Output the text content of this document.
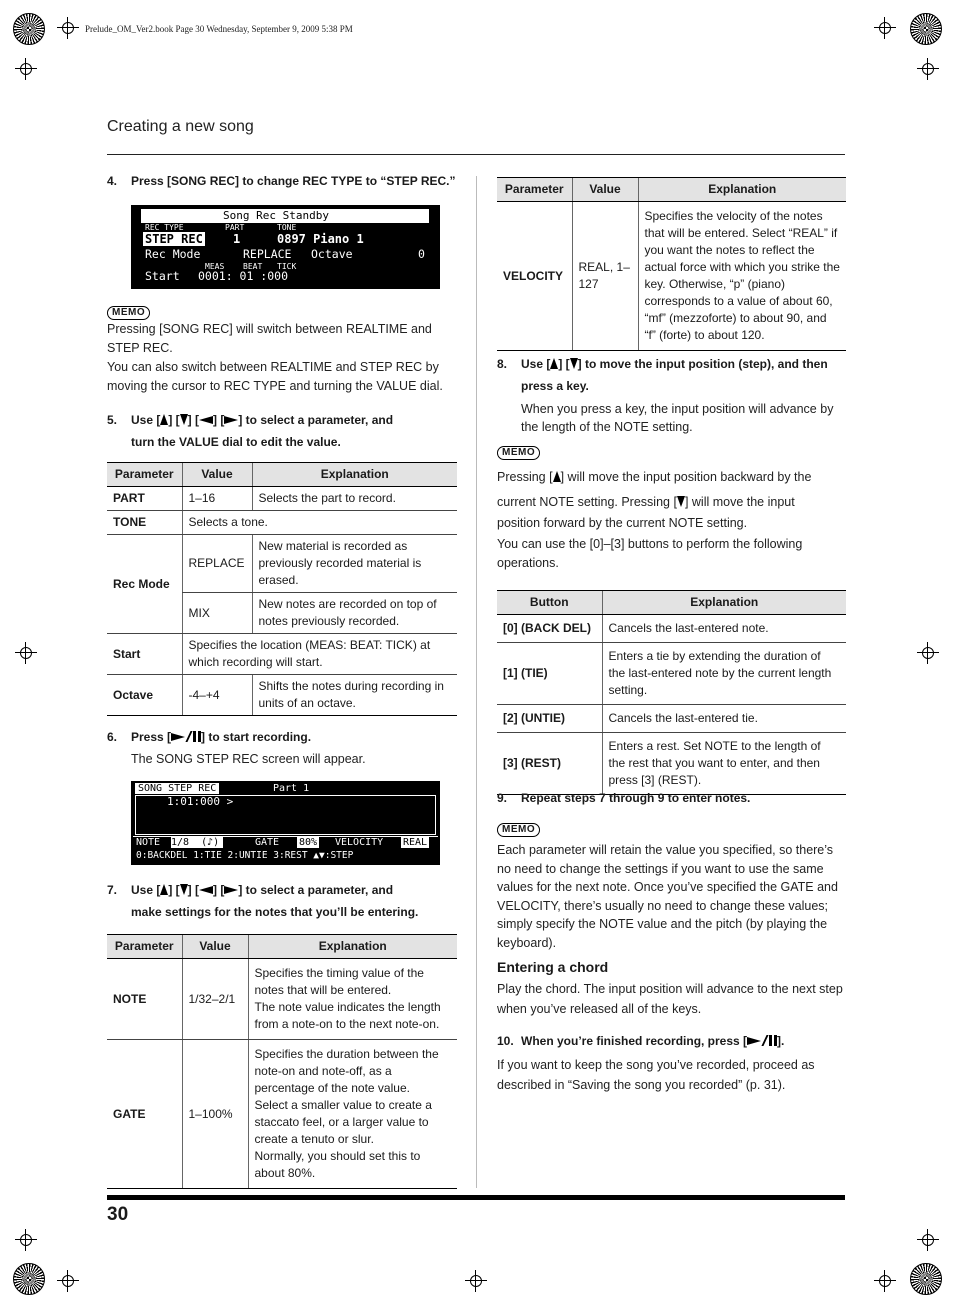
Prelude_OM_Ver2.book Page 30 Wednesday, September 9, 2009 5:38 PM
Creating a new song
4. Press [SONG REC] to change REC TYPE to “STEP REC.”
Song Rec Standby
REC TYPE	PART	TONE
STEP REC	1	0897 Piano 1
Rec Mode	REPLACE Octave	0
MEAS BEAT TICK
Start 0001: 01 :000
MEMO
Pressing [SONG REC] will switch between REALTIME and STEP REC.
You can also switch between REALTIME and STEP REC by moving the cursor to REC TYPE and turning the VALUE dial.
5. Use [ ] [ ] [ ] [ ] to select a parameter, and
turn the VALUE dial to edit the value.
Parameter	Value	Explanation
PART	1–16	Selects the part to record.
TONE	Selects a tone.	
Rec Mode	REPLACE	New material is recorded as previously recorded material is erased.
	MIX	New notes are recorded on top of notes previously recorded.
Start	Specifies the location (MEAS: BEAT: TICK) at which recording will start.	
Octave	-4–+4	Shifts the notes during recording in units of an octave.
6. Press [	] to start recording.
The SONG STEP REC screen will appear.
SONG STEP REC	Part 1
1:01:000 >
NOTE 1/8  (♪)	GATE 80% VELOCITY REAL
0:BACKDEL 1:TIE 2:UNTIE 3:REST ▲▼:STEP
7. Use [ ] [ ] [ ] [ ] to select a parameter, and
make settings for the notes that you’ll be entering.
Parameter	Value	Explanation
NOTE	1/32–2/1	Specifies the timing value of the notes that will be entered.
The note value indicates the length from a note-on to the next note-on.

GATE	1–100%	Specifies the duration between the note-on and note-off, as a percentage of the note value.
Select a smaller value to create a staccato feel, or a larger value to create a tenuto or slur.
Normally, you should set this to about 80%.
Parameter	Value	Explanation
VELOCITY	REAL, 1–127	Specifies the velocity of the notes that will be entered. Select “REAL” if you want the notes to reflect the actual force with which you strike the key. Otherwise, “p” (piano) corresponds to a value of about 60, “mf” (mezzoforte) to about 90, and “f” (forte) to about 120.
8. Use [ ] [ ] to move the input position (step), and then
press a key.
When you press a key, the input position will advance by the length of the NOTE setting.
MEMO
Pressing [ ] will move the input position backward by the
current NOTE setting. Pressing [ ] will move the input
position forward by the current NOTE setting.
You can use the [0]–[3] buttons to perform the following operations.
Button	Explanation
[0] (BACK DEL)	Cancels the last-entered note.
[1] (TIE)	Enters a tie by extending the duration of the last-entered note by the current length setting.
[2] (UNTIE)	Cancels the last-entered tie.
[3] (REST)	Enters a rest. Set NOTE to the length of the rest that you want to enter, and then press [3] (REST).
9. Repeat steps 7 through 9 to enter notes.
MEMO
Each parameter will retain the value you specified, so there’s no need to change the settings if you want to use the same values for the next note. Once you’ve specified the GATE and VELOCITY, there’s usually no need to change these values; simply specify the NOTE value and the pitch (by playing the keyboard).
Entering a chord
Play the chord. The input position will advance to the next step when you’ve released all of the keys.
10. When you’re finished recording, press [	].
If you want to keep the song you’ve recorded, proceed as described in “Saving the song you recorded” (p. 31).
30
